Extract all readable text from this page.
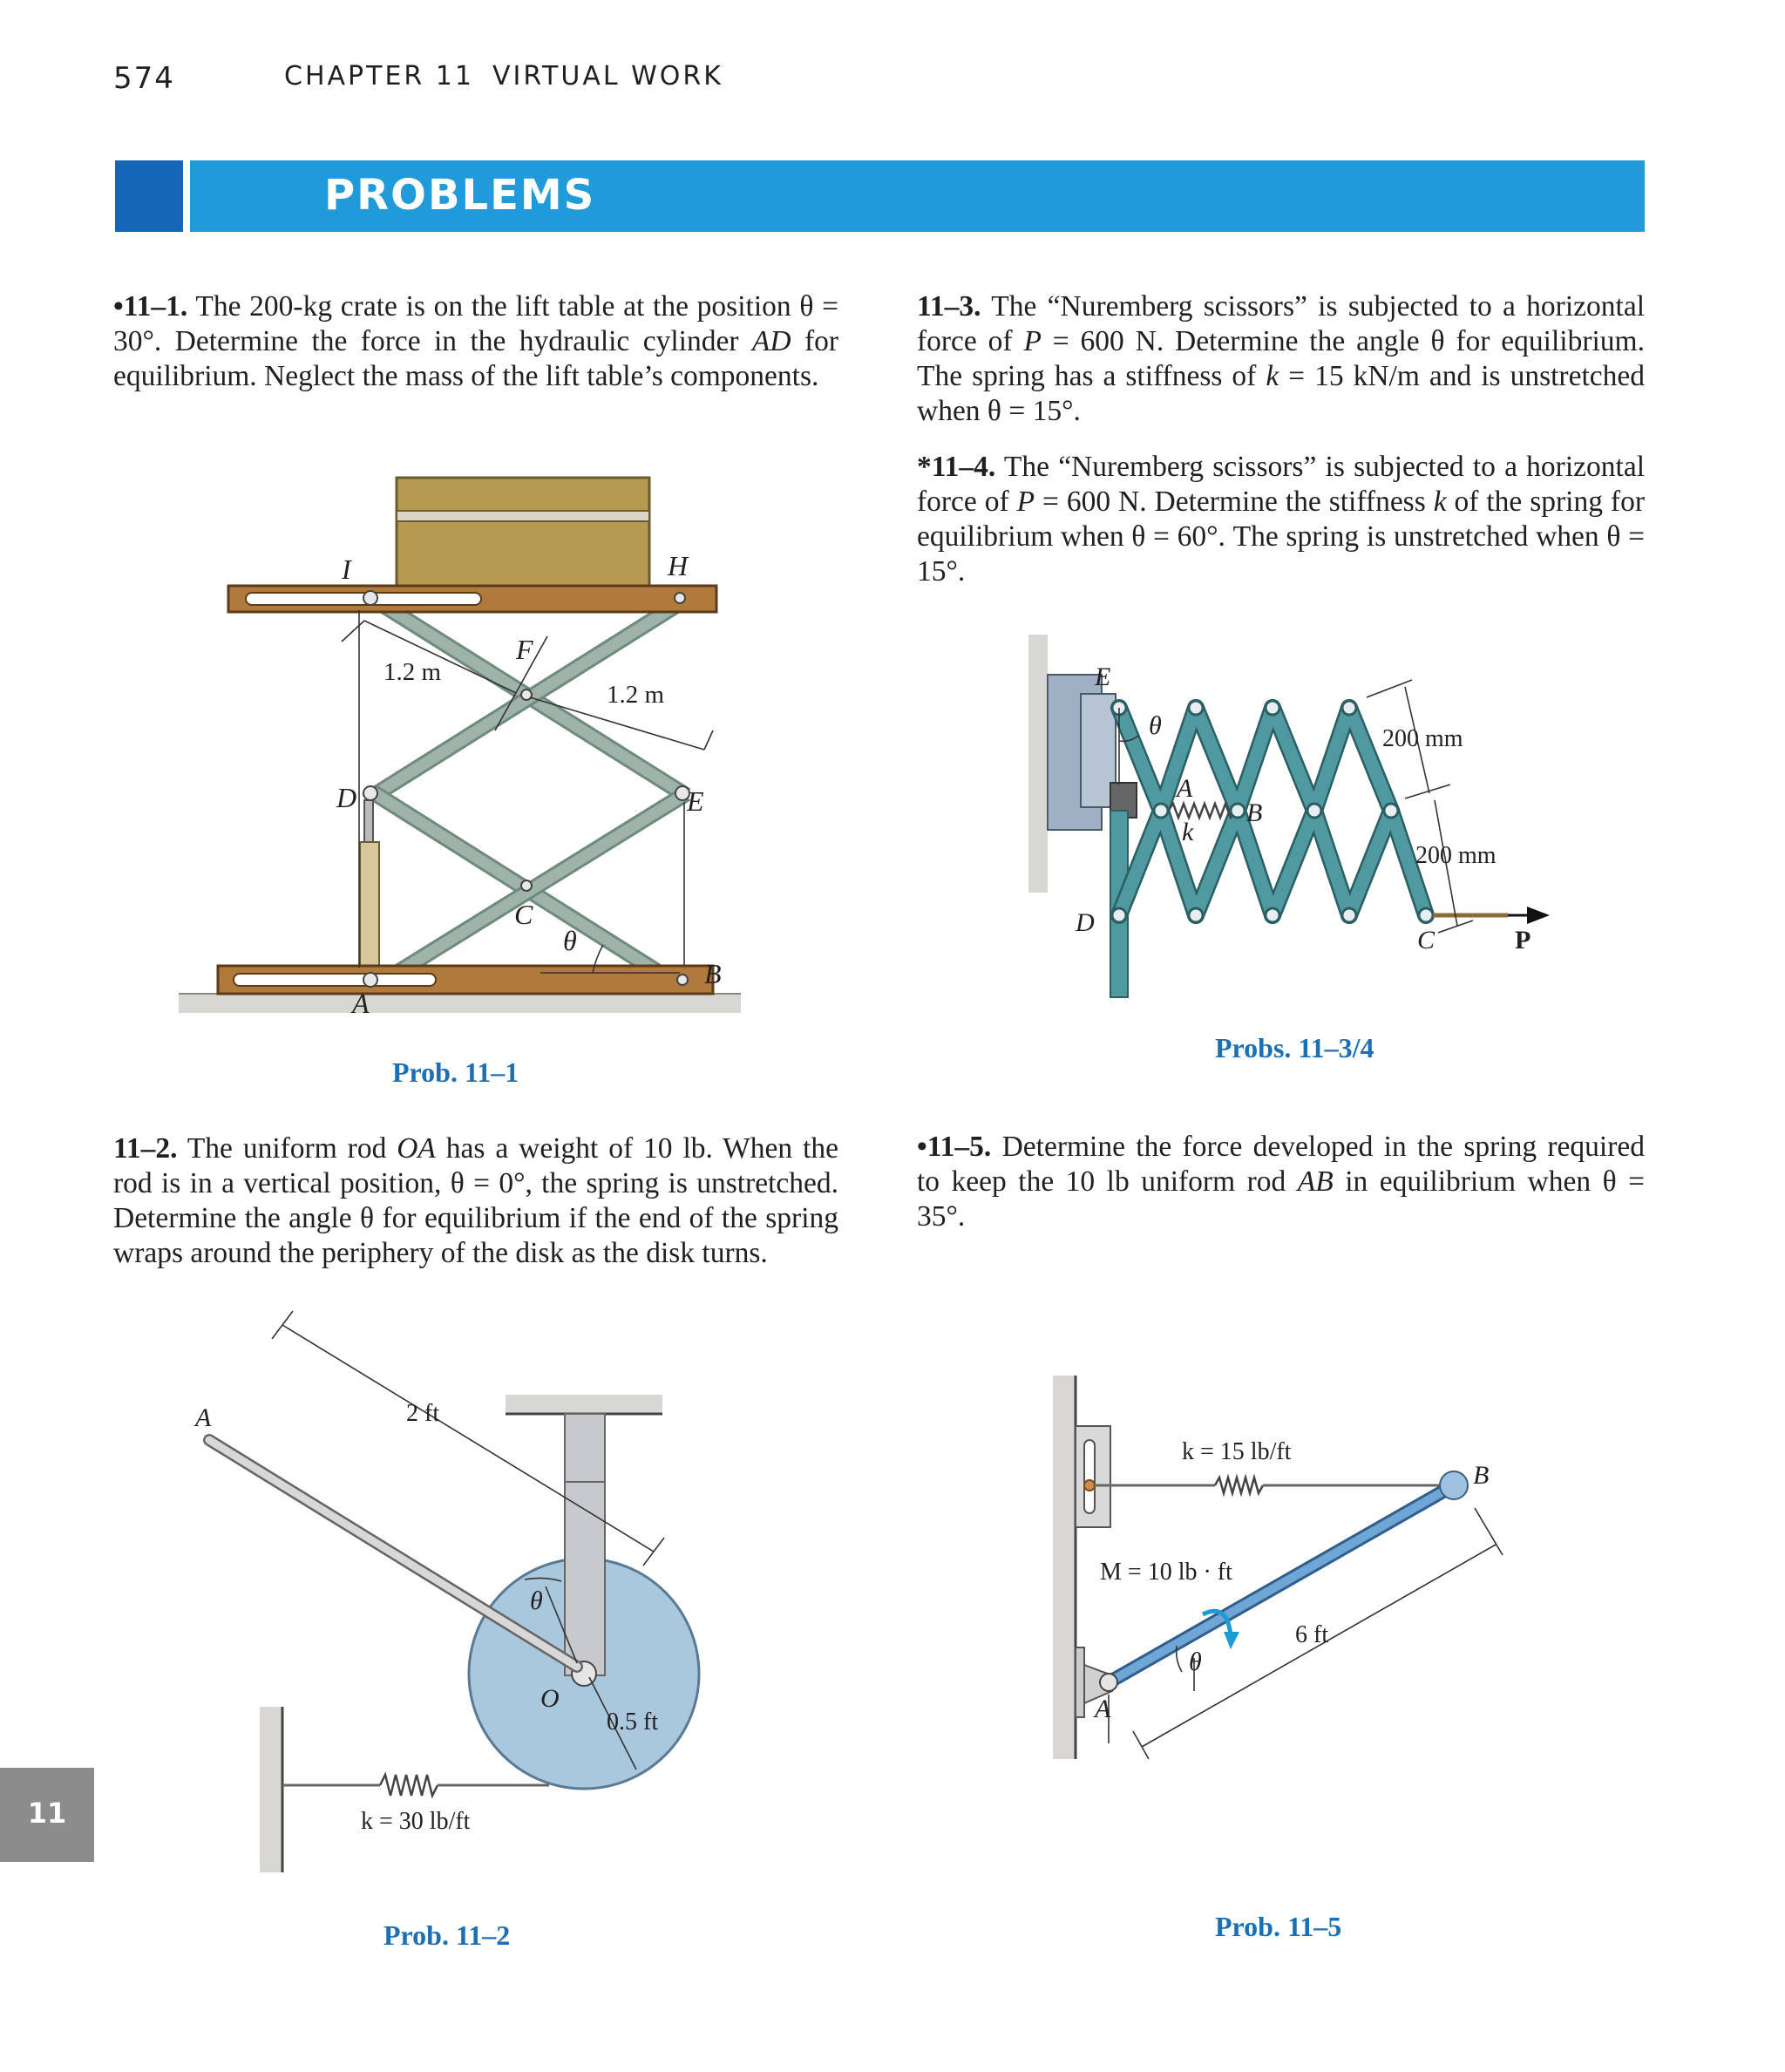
574	CHAPTER 11 VIRTUAL WORK
PROBLEMS
•11–1. The 200-kg crate is on the lift table at the position θ = 30°. Determine the force in the hydraulic cylinder AD for equilibrium. Neglect the mass of the lift table’s components.
11–2. The uniform rod OA has a weight of 10 lb. When the rod is in a vertical position, θ = 0°, the spring is unstretched. Determine the angle θ for equilibrium if the end of the spring wraps around the periphery of the disk as the disk turns.
11–3. The “Nuremberg scissors” is subjected to a horizontal force of P = 600 N. Determine the angle θ for equilibrium. The spring has a stiffness of k = 15 kN/m and is unstretched when θ = 15°.
*11–4. The “Nuremberg scissors” is subjected to a horizontal force of P = 600 N. Determine the stiffness k of the spring for equilibrium when θ = 60°. The spring is unstretched when θ = 15°.
•11–5. Determine the force developed in the spring required to keep the 10 lb uniform rod AB in equilibrium when θ = 35°.
I	H
F
D	E
C
A
B
θ
1.2 m
1.2 m
E
θ
A
B
k
D
C	P
200 mm
200 mm
A
O
θ
2 ft
0.5 ft
k = 30 lb/ft
k = 15 lb/ft
M = 10 lb · ft
6 ft
B
A
θ
Prob. 11–1
Probs. 11–3/4
Prob. 11–2	Prob. 11–5
11
